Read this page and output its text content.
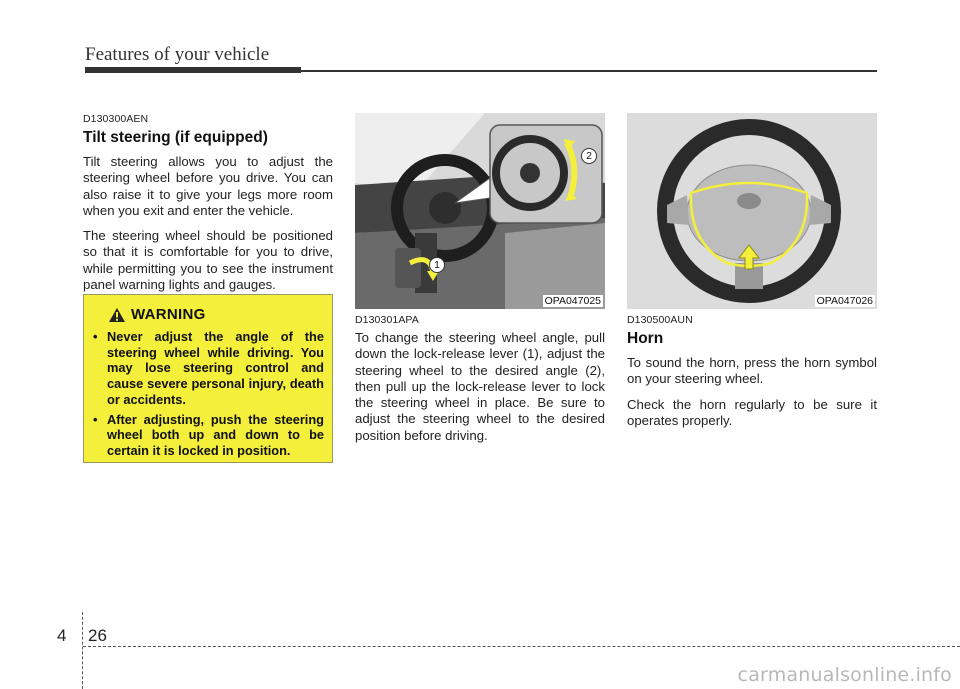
Features of your vehicle
D130300AEN
Tilt steering (if equipped)

Tilt steering allows you to adjust the steering wheel before you drive. You can also raise it to give your legs more room when you exit and enter the vehicle.

The steering wheel should be positioned so that it is comfortable for you to drive, while permitting you to see the instrument panel warning lights and gauges.

WARNING
• Never adjust the angle of the steering wheel while driving. You may lose steering control and cause severe personal injury, death or accidents.
• After adjusting, push the steering wheel both up and down to be certain it is locked in position.
2
1
OPA047025
D130301APA

To change the steering wheel angle, pull down the lock-release lever (1), adjust the steering wheel to the desired angle (2), then pull up the lock-release lever to lock the steering wheel in place. Be sure to adjust the steering wheel to the desired position before driving.

OPA047026
D130500AUN
Horn

To sound the horn, press the horn symbol on your steering wheel.

Check the horn regularly to be sure it operates properly.

4 26
carmanualsonline.info
